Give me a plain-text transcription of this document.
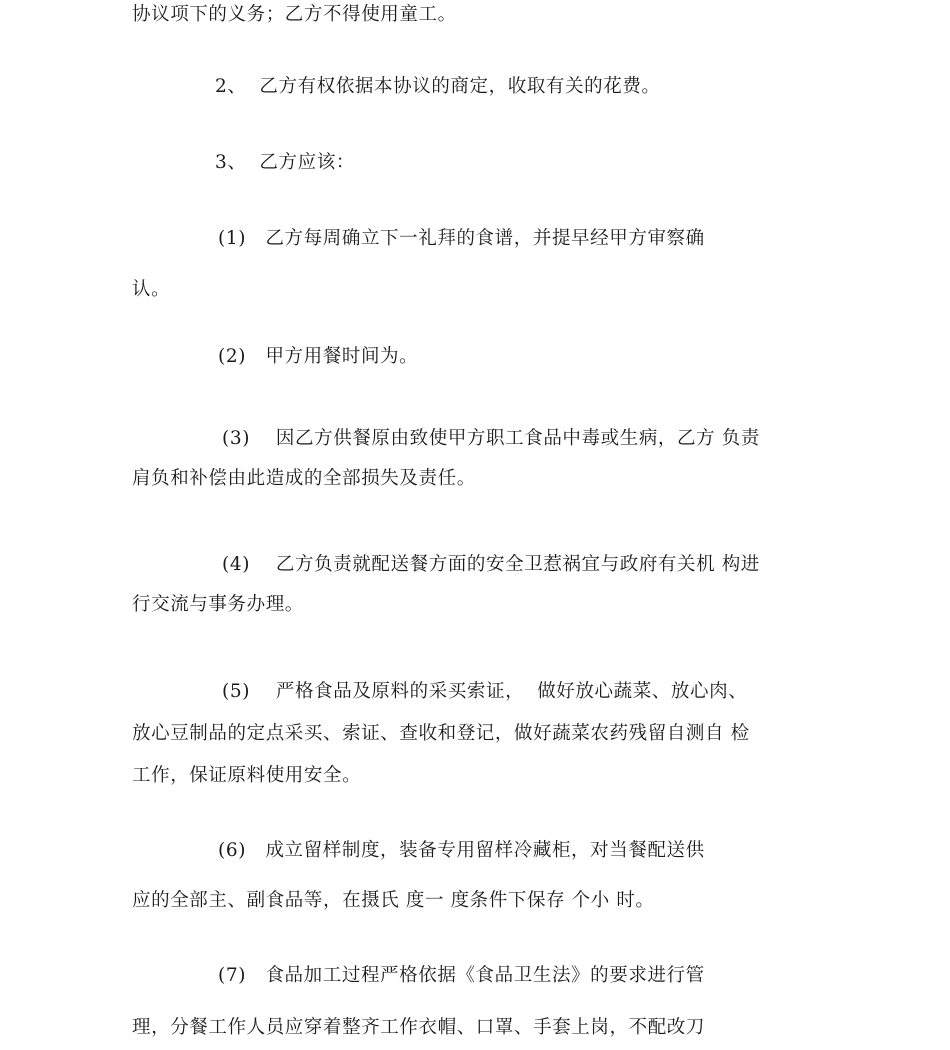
协议项下的义务；乙方不得使用童工。
2、  乙方有权依据本协议的商定，收取有关的花费。
3、  乙方应该：
(1)   乙方每周确立下一礼拜的食谱，并提早经甲方审察确
认。
(2)   甲方用餐时间为。
(3)    因乙方供餐原由致使甲方职工食品中毒或生病，乙方 负责
肩负和补偿由此造成的全部损失及责任。
(4)    乙方负责就配送餐方面的安全卫惹祸宜与政府有关机 构进
行交流与事务办理。
(5)    严格食品及原料的采买索证，  做好放心蔬菜、放心肉、
放心豆制品的定点采买、索证、查收和登记，做好蔬菜农药残留自测自 检
工作，保证原料使用安全。
(6)   成立留样制度，装备专用留样冷藏柜，对当餐配送供
应的全部主、副食品等，在摄氏 度一 度条件下保存 个小 时。
(7)   食品加工过程严格依据《食品卫生法》的要求进行管
理，分餐工作人员应穿着整齐工作衣帽、口罩、手套上岗，不配改刀
